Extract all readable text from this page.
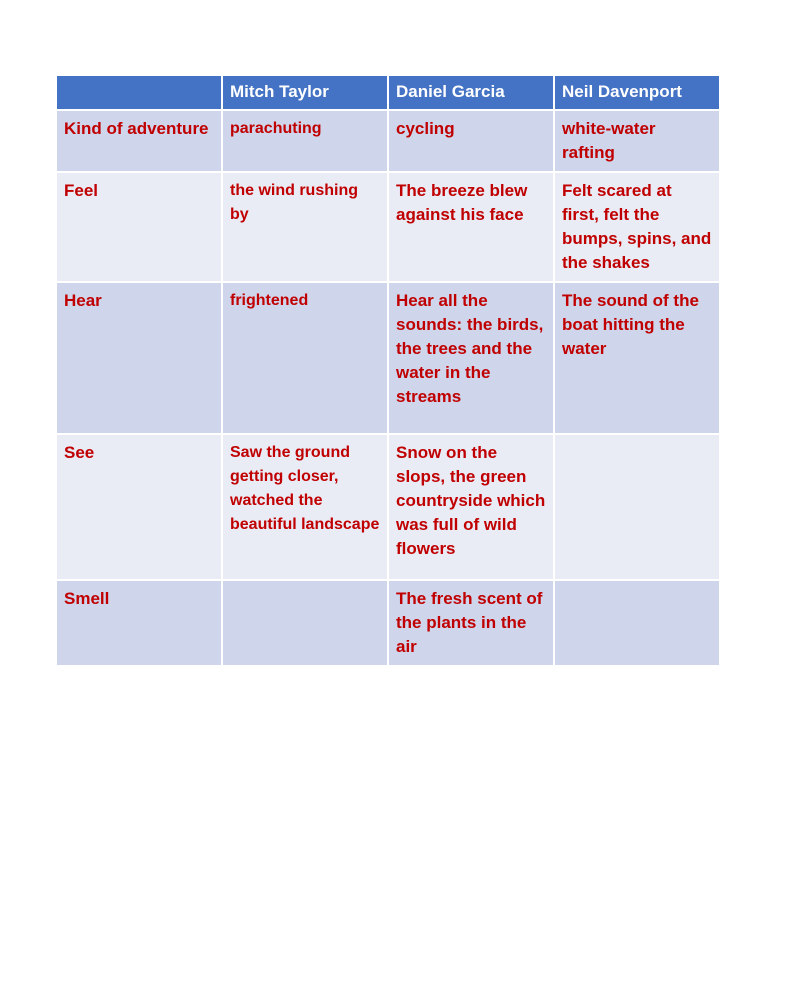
	Mitch Taylor	Daniel Garcia	Neil Davenport
Kind of adventure	parachuting	cycling	white-water rafting
Feel	the wind rushing by	The breeze blew against his face	Felt scared at first, felt the bumps, spins, and the shakes
Hear	frightened	Hear all the sounds: the birds, the trees and the water in the streams	The sound of the boat hitting the water
See	Saw the ground getting closer, watched the beautiful landscape	Snow on the slops, the green countryside which was full of wild flowers	
Smell		The fresh scent of the plants in the air	
